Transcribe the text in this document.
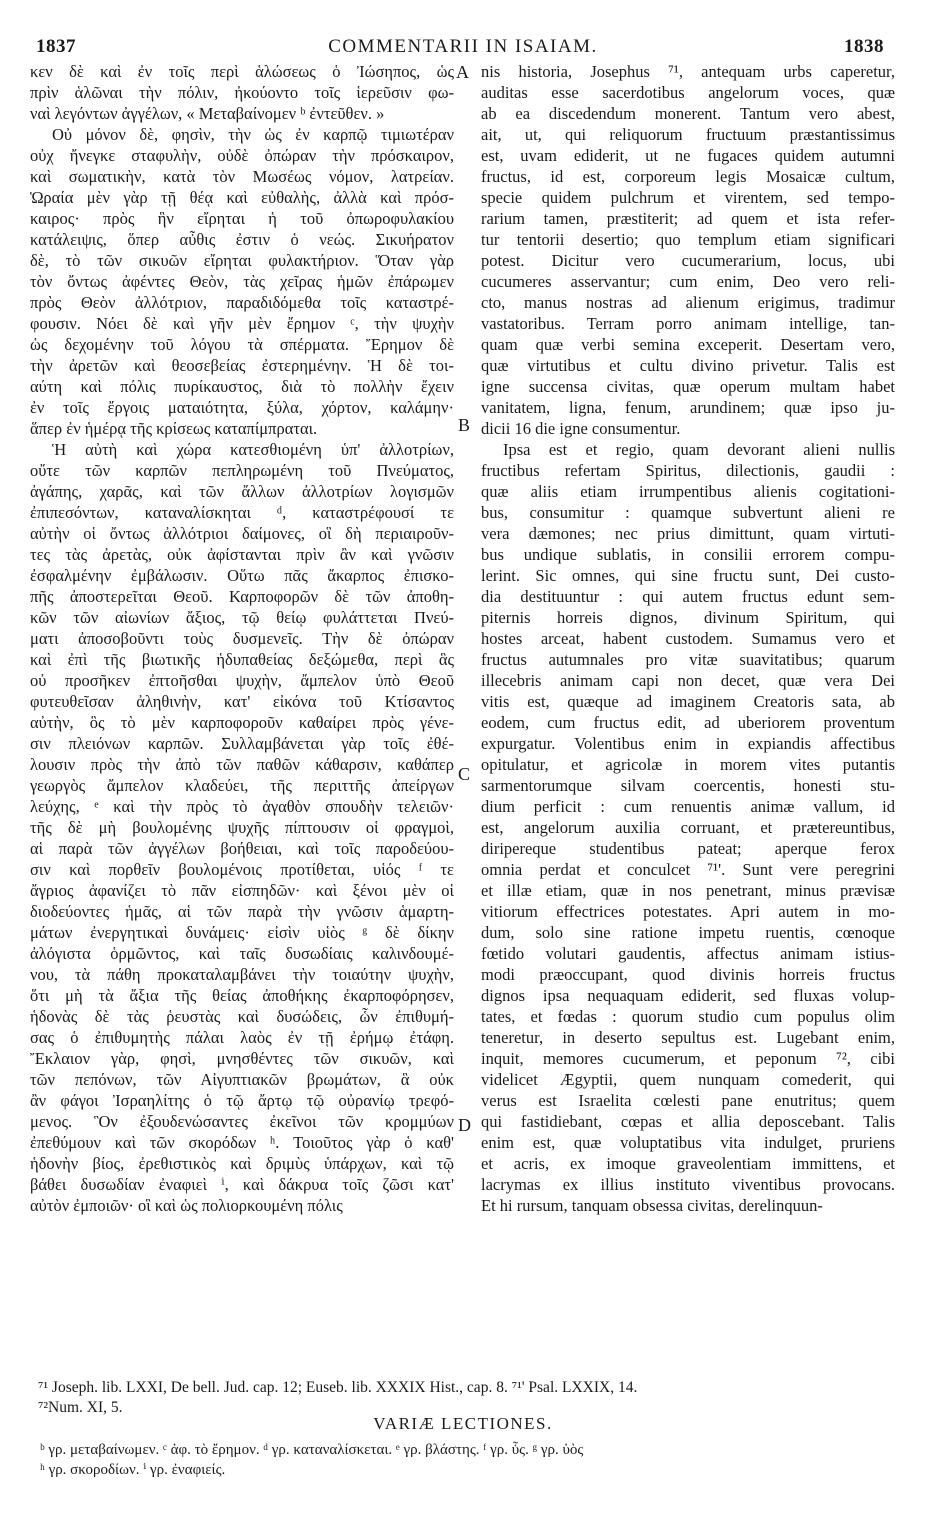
1837	COMMENTARII IN ISAIAM.	1838
κεν δὲ καὶ ἐν τοῖς περὶ ἁλώσεως ὁ Ἰώσηπος, ὡς
πρὶν ἁλῶναι τὴν πόλιν, ἠκούοντο τοῖς ἱερεῦσιν φω-
ναὶ λεγόντων ἀγγέλων, « Μεταβαίνομεν ᵇ ἐντεῦθεν. »
Οὐ μόνον δὲ, φησὶν, τὴν ὡς ἐν καρπῷ τιμιωτέραν
οὐχ ἤνεγκε σταφυλὴν, οὐδὲ ὀπώραν τὴν πρόσκαιρον,
καὶ σωματικὴν, κατὰ τὸν Μωσέως νόμον, λατρείαν.
Ὡραία μὲν γὰρ τῇ θέᾳ καὶ εὐθαλὴς, ἀλλὰ καὶ πρόσ-
καιρος· πρὸς ἣν εἴρηται ἡ τοῦ ὀπωροφυλακίου
κατάλειψις, ὅπερ αὖθις ἐστιν ὁ νεώς. Σικυήρατον
δὲ, τὸ τῶν σικυῶν εἴρηται φυλακτήριον. Ὅταν γὰρ
τὸν ὄντως ἀφέντες Θεὸν, τὰς χεῖρας ἡμῶν ἐπάρωμεν
πρὸς Θεὸν ἀλλότριον, παραδιδόμεθα τοῖς καταστρέ-
φουσιν. Νόει δὲ καὶ γῆν μὲν ἔρημον ᶜ, τὴν ψυχὴν
ὡς δεχομένην τοῦ λόγου τὰ σπέρματα. Ἔρημον δὲ
τὴν ἀρετῶν καὶ θεοσεβείας ἐστερημένην. Ἡ δὲ τοι-
αύτη καὶ πόλις πυρίκαυστος, διὰ τὸ πολλὴν ἔχειν
ἐν τοῖς ἔργοις ματαιότητα, ξύλα, χόρτον, καλάμην·
ἅπερ ἐν ἡμέρᾳ τῆς κρίσεως καταπίμπραται.
Ἡ αὐτὴ καὶ χώρα κατεσθιομένη ὑπ' ἀλλοτρίων,
οὔτε τῶν καρπῶν πεπληρωμένη τοῦ Πνεύματος,
ἀγάπης, χαρᾶς, καὶ τῶν ἄλλων ἀλλοτρίων λογισμῶν
ἐπιπεσόντων, καταναλίσκηται ᵈ, καταστρέφουσί τε
αὐτὴν οἱ ὄντως ἀλλότριοι δαίμονες, οἳ δὴ περιαιροῦν-
τες τὰς ἀρετὰς, οὐκ ἀφίστανται πρὶν ἂν καὶ γνῶσιν
ἐσφαλμένην ἐμβάλωσιν. Οὕτω πᾶς ἄκαρπος ἐπισκο-
πῆς ἀποστερεῖται Θεοῦ. Καρποφορῶν δὲ τῶν ἀποθη-
κῶν τῶν αἰωνίων ἄξιος, τῷ θείῳ φυλάττεται Πνεύ-
ματι ἀποσοβοῦντι τοὺς δυσμενεῖς. Τὴν δὲ ὀπώραν
καὶ ἐπὶ τῆς βιωτικῆς ἡδυπαθείας δεξώμεθα, περὶ ἃς
οὐ προσῆκεν ἐπτοῆσθαι ψυχὴν, ἄμπελον ὑπὸ Θεοῦ
φυτευθεῖσαν ἀληθινὴν, κατ' εἰκόνα τοῦ Κτίσαντος
αὐτὴν, ὃς τὸ μὲν καρποφοροῦν καθαίρει πρὸς γένε-
σιν πλειόνων καρπῶν. Συλλαμβάνεται γὰρ τοῖς ἐθέ-
λουσιν πρὸς τὴν ἀπὸ τῶν παθῶν κάθαρσιν, καθάπερ
γεωργὸς ἄμπελον κλαδεύει, τῆς περιττῆς ἀπείργων
λεύχης, ᵉ καὶ τὴν πρὸς τὸ ἀγαθὸν σπουδὴν τελειῶν·
τῆς δὲ μὴ βουλομένης ψυχῆς πίπτουσιν οἱ φραγμοὶ,
αἱ παρὰ τῶν ἀγγέλων βοήθειαι, καὶ τοῖς παροδεύου-
σιν καὶ πορθεῖν βουλομένοις προτίθεται, υἱός ᶠ τε
ἄγριος ἀφανίζει τὸ πᾶν εἰσπηδῶν· καὶ ξένοι μὲν οἱ
διοδεύοντες ἡμᾶς, αἱ τῶν παρὰ τὴν γνῶσιν ἁμαρτη-
μάτων ἐνεργητικαὶ δυνάμεις· εἰσὶν υἱὸς ᵍ δὲ δίκην
ἀλόγιστα ὁρμῶντος, καὶ ταῖς δυσωδίαις καλινδουμέ-
νου, τὰ πάθη προκαταλαμβάνει τὴν τοιαύτην ψυχὴν,
ὅτι μὴ τὰ ἄξια τῆς θείας ἀποθήκης ἐκαρποφόρησεν,
ἡδονὰς δὲ τὰς ῥευστὰς καὶ δυσώδεις, ὧν ἐπιθυμή-
σας ὁ ἐπιθυμητὴς πάλαι λαὸς ἐν τῇ ἐρήμῳ ἐτάφη.
Ἔκλαιον γὰρ, φησὶ, μνησθέντες τῶν σικυῶν, καὶ
τῶν πεπόνων, τῶν Αἰγυπτιακῶν βρωμάτων, ἃ οὐκ
ἂν φάγοι Ἰσραηλίτης ὁ τῷ ἄρτῳ τῷ οὐρανίῳ τρεφό-
μενος. Ὃν ἐξουδενώσαντες ἐκεῖνοι τῶν κρομμύων
ἐπεθύμουν καὶ τῶν σκορόδων ʰ. Τοιοῦτος γὰρ ὁ καθ'
ἡδονὴν βίος, ἐρεθιστικὸς καὶ δριμὺς ὑπάρχων, καὶ τῷ
βάθει δυσωδίαν ἐναφιεὶ ⁱ, καὶ δάκρυα τοῖς ζῶσι κατ'
αὐτὸν ἐμποιῶν· οἳ καὶ ὡς πολιορκουμένη πόλις
nis historia, Josephus ⁷¹, antequam urbs caperetur,
auditas esse sacerdotibus angelorum voces, quæ
ab ea discedendum monerent. Tantum vero abest,
ait, ut, qui reliquorum fructuum præstantissimus
est, uvam ediderit, ut ne fugaces quidem autumni
fructus, id est, corporeum legis Mosaicæ cultum,
specie quidem pulchrum et virentem, sed tempo-
rarium tamen, præstiterit; ad quem et ista refer-
tur tentorii desertio; quo templum etiam significari
potest. Dicitur vero cucumerarium, locus, ubi
cucumeres asservantur; cum enim, Deo vero reli-
cto, manus nostras ad alienum erigimus, tradimur
vastatoribus. Terram porro animam intellige, tan-
quam quæ verbi semina exceperit. Desertam vero,
quæ virtutibus et cultu divino privetur. Talis est
igne succensa civitas, quæ operum multam habet
vanitatem, ligna, fenum, arundinem; quæ ipso ju-
dicii 16 die igne consumentur.
Ipsa est et regio, quam devorant alieni nullis
fructibus refertam Spiritus, dilectionis, gaudii :
quæ aliis etiam irrumpentibus alienis cogitationi-
bus, consumitur : quamque subvertunt alieni re
vera dæmones; nec prius dimittunt, quam virtuti-
bus undique sublatis, in consilii errorem compu-
lerint. Sic omnes, qui sine fructu sunt, Dei custo-
dia destituuntur : qui autem fructus edunt sem-
piternis horreis dignos, divinum Spiritum, qui
hostes arceat, habent custodem. Sumamus vero et
fructus autumnales pro vitæ suavitatibus; quarum
illecebris animam capi non decet, quæ vera Dei
vitis est, quæque ad imaginem Creatoris sata, ab
eodem, cum fructus edit, ad uberiorem proventum
expurgatur. Volentibus enim in expiandis affectibus
opitulatur, et agricolæ in morem vites putantis
sarmentorumque silvam coercentis, honesti stu-
dium perficit : cum renuentis animæ vallum, id
est, angelorum auxilia corruant, et prætereuntibus,
diripereque studentibus pateat; aperque ferox
omnia perdat et conculcet ⁷¹'. Sunt vere peregrini
et illæ etiam, quæ in nos penetrant, minus prævisæ
vitiorum effectrices potestates. Apri autem in mo-
dum, solo sine ratione impetu ruentis, cœnoque
fœtido volutari gaudentis, affectus animam istius-
modi præoccupant, quod divinis horreis fructus
dignos ipsa nequaquam ediderit, sed fluxas volup-
tates, et fœdas : quorum studio cum populus olim
teneretur, in deserto sepultus est. Lugebant enim,
inquit, memores cucumerum, et peponum ⁷², cibi
videlicet Ægyptii, quem nunquam comederit, qui
verus est Israelita cœlesti pane enutritus; quem
qui fastidiebant, cœpas et allia deposcebant. Talis
enim est, quæ voluptatibus vita indulget, pruriens
et acris, ex imoque graveolentiam immittens, et
lacrymas ex illius instituto viventibus provocans.
Et hi rursum, tanquam obsessa civitas, derelinquun-
A
B
C
D
⁷¹ Joseph. lib. LXXI, De bell. Jud. cap. 12; Euseb. lib. XXXIX Hist., cap. 8. ⁷¹' Psal. LXXIX, 14.
⁷²Num. XI, 5.
VARIÆ LECTIONES.
ᵇ γρ. μεταβαίνωμεν. ᶜ ἀφ. τὸ ἔρημον. ᵈ γρ. καταναλίσκεται. ᵉ γρ. βλάστης. ᶠ γρ. ὗς. ᵍ γρ. ὑὸς
ʰ γρ. σκοροδίων. ⁱ γρ. ἐναφιείς.
